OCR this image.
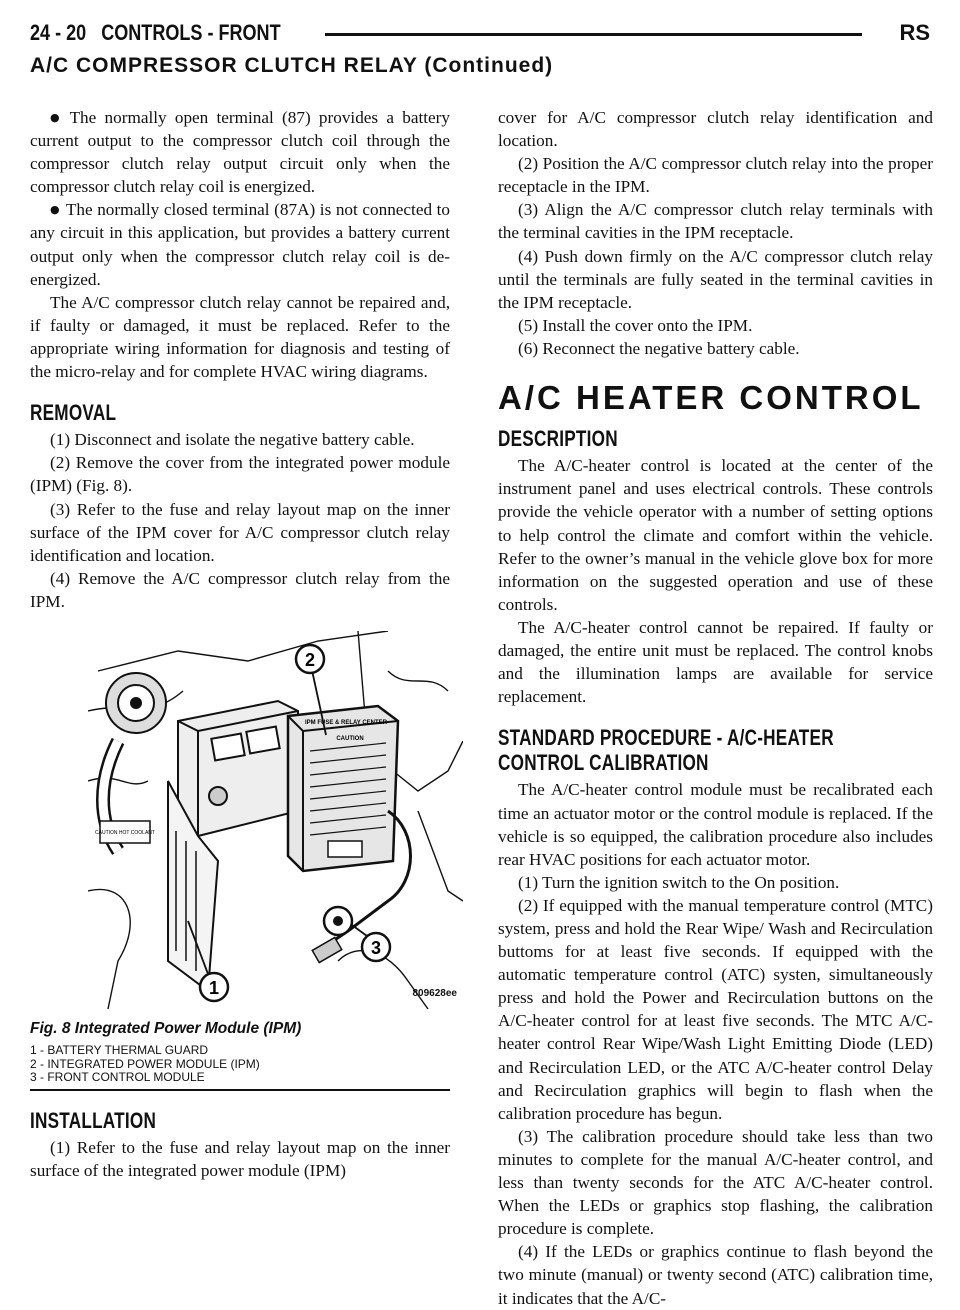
24 - 20 CONTROLS - FRONT	RS
A/C COMPRESSOR CLUTCH RELAY (Continued)

● The normally open terminal (87) provides a battery current output to the compressor clutch coil through the compressor clutch relay output circuit only when the compressor clutch relay coil is energized.

● The normally closed terminal (87A) is not connected to any circuit in this application, but provides a battery current output only when the compressor clutch relay coil is de-energized.

The A/C compressor clutch relay cannot be repaired and, if faulty or damaged, it must be replaced. Refer to the appropriate wiring information for diagnosis and testing of the micro-relay and for complete HVAC wiring diagrams.

REMOVAL

(1) Disconnect and isolate the negative battery cable.

(2) Remove the cover from the integrated power module (IPM) (Fig. 8).

(3) Refer to the fuse and relay layout map on the inner surface of the IPM cover for A/C compressor clutch relay identification and location.

(4) Remove the A/C compressor clutch relay from the IPM.

CAUTION HOT COOLANT
IPM FUSE & RELAY CENTER
CAUTION
2
1
3
809628ee

Fig. 8 Integrated Power Module (IPM)

1 - BATTERY THERMAL GUARD

2 - INTEGRATED POWER MODULE (IPM)

3 - FRONT CONTROL MODULE

INSTALLATION

(1) Refer to the fuse and relay layout map on the inner surface of the integrated power module (IPM)

cover for A/C compressor clutch relay identification and location.

(2) Position the A/C compressor clutch relay into the proper receptacle in the IPM.

(3) Align the A/C compressor clutch relay terminals with the terminal cavities in the IPM receptacle.

(4) Push down firmly on the A/C compressor clutch relay until the terminals are fully seated in the terminal cavities in the IPM receptacle.

(5) Install the cover onto the IPM.

(6) Reconnect the negative battery cable.

A/C HEATER CONTROL

DESCRIPTION

The A/C-heater control is located at the center of the instrument panel and uses electrical controls. These controls provide the vehicle operator with a number of setting options to help control the climate and comfort within the vehicle. Refer to the owner’s manual in the vehicle glove box for more information on the suggested operation and use of these controls.

The A/C-heater control cannot be repaired. If faulty or damaged, the entire unit must be replaced. The control knobs and the illumination lamps are available for service replacement.

STANDARD PROCEDURE - A/C-HEATER

CONTROL CALIBRATION

The A/C-heater control module must be recalibrated each time an actuator motor or the control module is replaced. If the vehicle is so equipped, the calibration procedure also includes rear HVAC positions for each actuator motor.

(1) Turn the ignition switch to the On position.

(2) If equipped with the manual temperature control (MTC) system, press and hold the Rear Wipe/ Wash and Recirculation buttoms for at least five seconds. If equipped with the automatic temperature control (ATC) systen, simultaneously press and hold the Power and Recirculation buttons on the A/C-heater control for at least five seconds. The MTC A/C-heater control Rear Wipe/Wash Light Emitting Diode (LED) and Recirculation LED, or the ATC A/C-heater control Delay and Recirculation graphics will begin to flash when the calibration procedure has begun.

(3) The calibration procedure should take less than two minutes to complete for the manual A/C-heater control, and less than twenty seconds for the ATC A/C-heater control. When the LEDs or graphics stop flashing, the calibration procedure is complete.

(4) If the LEDs or graphics continue to flash beyond the two minute (manual) or twenty second (ATC) calibration time, it indicates that the A/C-
